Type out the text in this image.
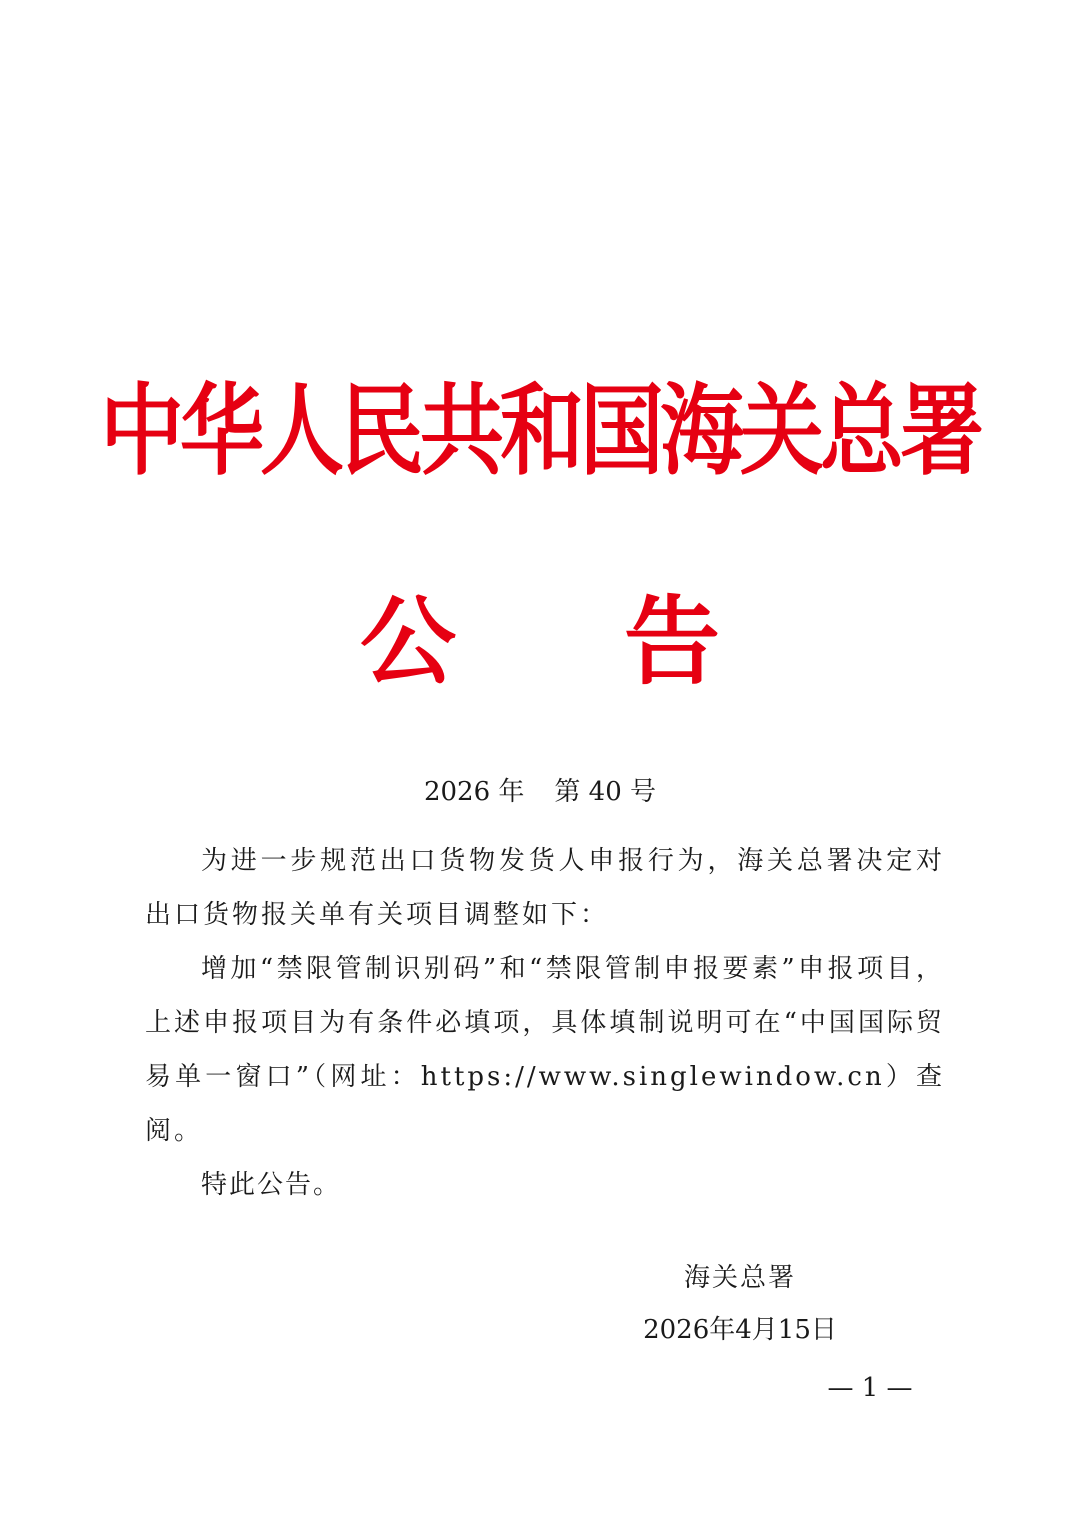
中华人民共和国海关总署
公 告
2026 年 第 40 号

为进一步规范出口货物发货人申报行为，海关总署决定对出口货物报关单有关项目调整如下：

增加“禁限管制识别码”和“禁限管制申报要素”申报项目，上述申报项目为有条件必填项，具体填制说明可在“中国国际贸易单一窗口”（网址：https://www.singlewindow.cn）查阅。

特此公告。

海关总署
2026年4月15日
— 1 —
